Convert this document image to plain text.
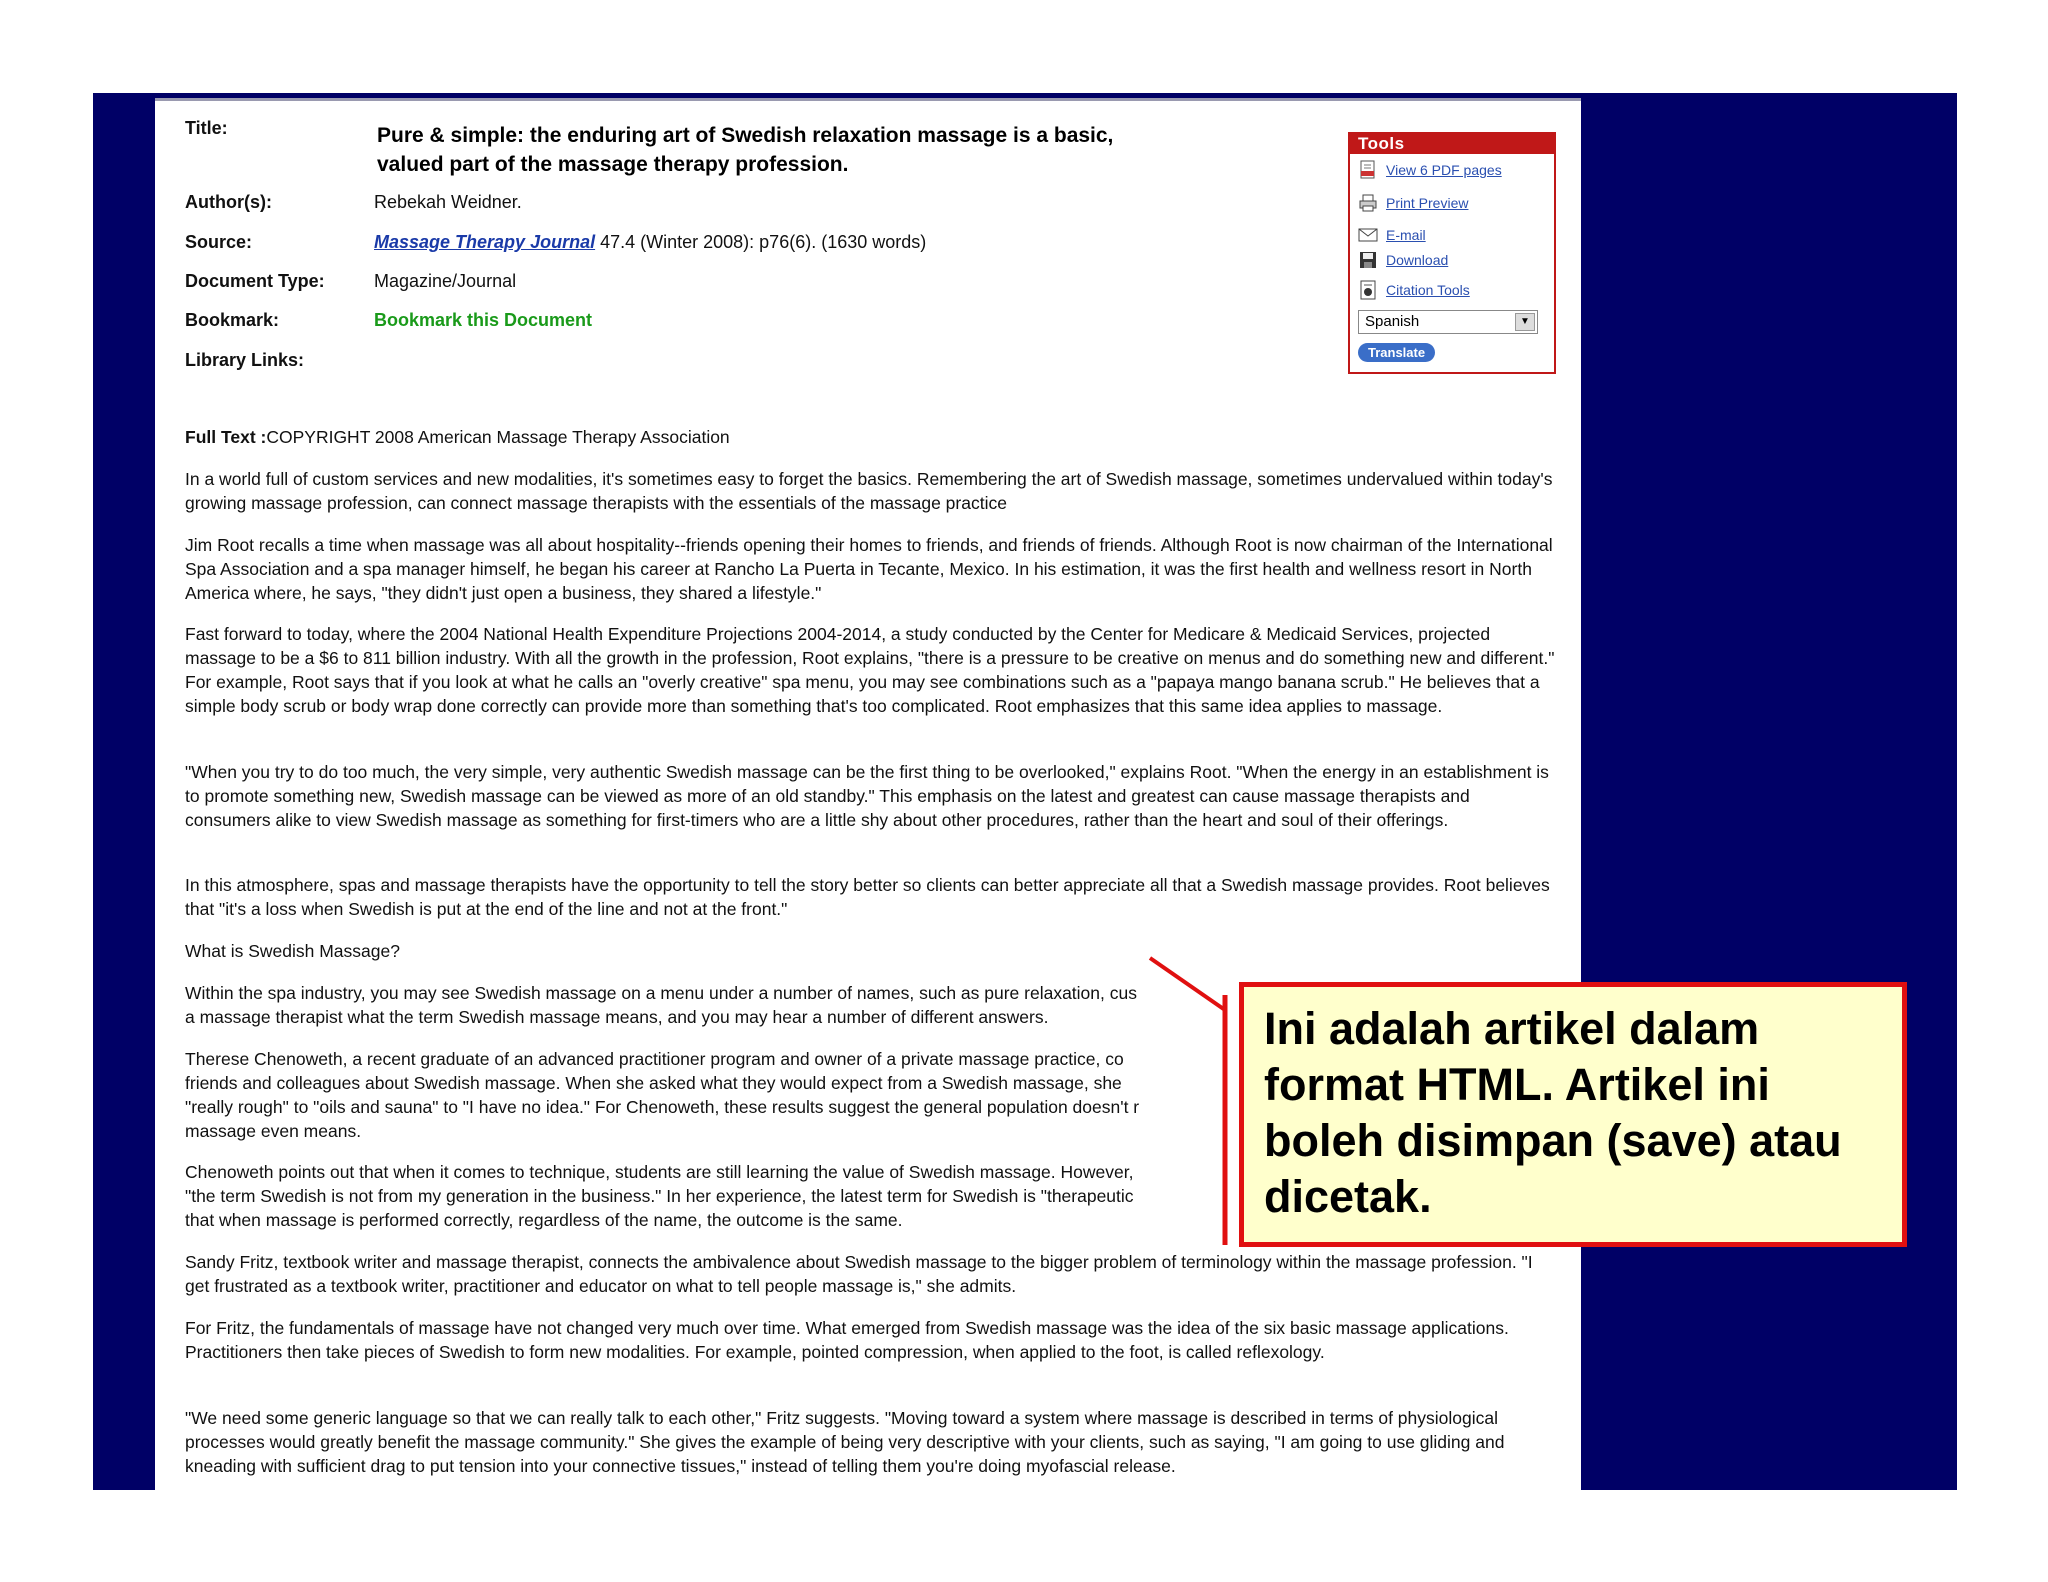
Title:	Pure & simple: the enduring art of Swedish relaxation massage is a basic, valued part of the massage therapy profession.
Author(s):	Rebekah Weidner.
Source:	Massage Therapy Journal 47.4 (Winter 2008): p76(6). (1630 words)
Document Type:	Magazine/Journal
Bookmark:	Bookmark this Document
Library Links:
Tools
View 6 PDF pages
Print Preview
E-mail
Download
Citation Tools
Spanish	▼
Translate
Full Text :COPYRIGHT 2008 American Massage Therapy Association

In a world full of custom services and new modalities, it's sometimes easy to forget the basics. Remembering the art of Swedish massage, sometimes undervalued within today's growing massage profession, can connect massage therapists with the essentials of the massage practice

Jim Root recalls a time when massage was all about hospitality--friends opening their homes to friends, and friends of friends. Although Root is now chairman of the International Spa Association and a spa manager himself, he began his career at Rancho La Puerta in Tecante, Mexico. In his estimation, it was the first health and wellness resort in North America where, he says, "they didn't just open a business, they shared a lifestyle."

Fast forward to today, where the 2004 National Health Expenditure Projections 2004-2014, a study conducted by the Center for Medicare & Medicaid Services, projected massage to be a $6 to 811 billion industry. With all the growth in the profession, Root explains, "there is a pressure to be creative on menus and do something new and different." For example, Root says that if you look at what he calls an "overly creative" spa menu, you may see combinations such as a "papaya mango banana scrub." He believes that a simple body scrub or body wrap done correctly can provide more than something that's too complicated. Root emphasizes that this same idea applies to massage.

"When you try to do too much, the very simple, very authentic Swedish massage can be the first thing to be overlooked," explains Root. "When the energy in an establishment is to promote something new, Swedish massage can be viewed as more of an old standby." This emphasis on the latest and greatest can cause massage therapists and consumers alike to view Swedish massage as something for first-timers who are a little shy about other procedures, rather than the heart and soul of their offerings.

In this atmosphere, spas and massage therapists have the opportunity to tell the story better so clients can better appreciate all that a Swedish massage provides. Root believes that "it's a loss when Swedish is put at the end of the line and not at the front."

What is Swedish Massage?

Within the spa industry, you may see Swedish massage on a menu under a number of names, such as pure relaxation, cus
a massage therapist what the term Swedish massage means, and you may hear a number of different answers.

Therese Chenoweth, a recent graduate of an advanced practitioner program and owner of a private massage practice, co
friends and colleagues about Swedish massage. When she asked what they would expect from a Swedish massage, she
"really rough" to "oils and sauna" to "I have no idea." For Chenoweth, these results suggest the general population doesn't r
massage even means.

Chenoweth points out that when it comes to technique, students are still learning the value of Swedish massage. However,
"the term Swedish is not from my generation in the business." In her experience, the latest term for Swedish is "therapeutic
that when massage is performed correctly, regardless of the name, the outcome is the same.

Sandy Fritz, textbook writer and massage therapist, connects the ambivalence about Swedish massage to the bigger problem of terminology within the massage profession. "I get frustrated as a textbook writer, practitioner and educator on what to tell people massage is," she admits.

For Fritz, the fundamentals of massage have not changed very much over time. What emerged from Swedish massage was the idea of the six basic massage applications. Practitioners then take pieces of Swedish to form new modalities. For example, pointed compression, when applied to the foot, is called reflexology.

"We need some generic language so that we can really talk to each other," Fritz suggests. "Moving toward a system where massage is described in terms of physiological processes would greatly benefit the massage community." She gives the example of being very descriptive with your clients, such as saying, "I am going to use gliding and kneading with sufficient drag to put tension into your connective tissues," instead of telling them you're doing myofascial release.

Ini adalah artikel dalam format HTML. Artikel ini boleh disimpan (save) atau dicetak.
